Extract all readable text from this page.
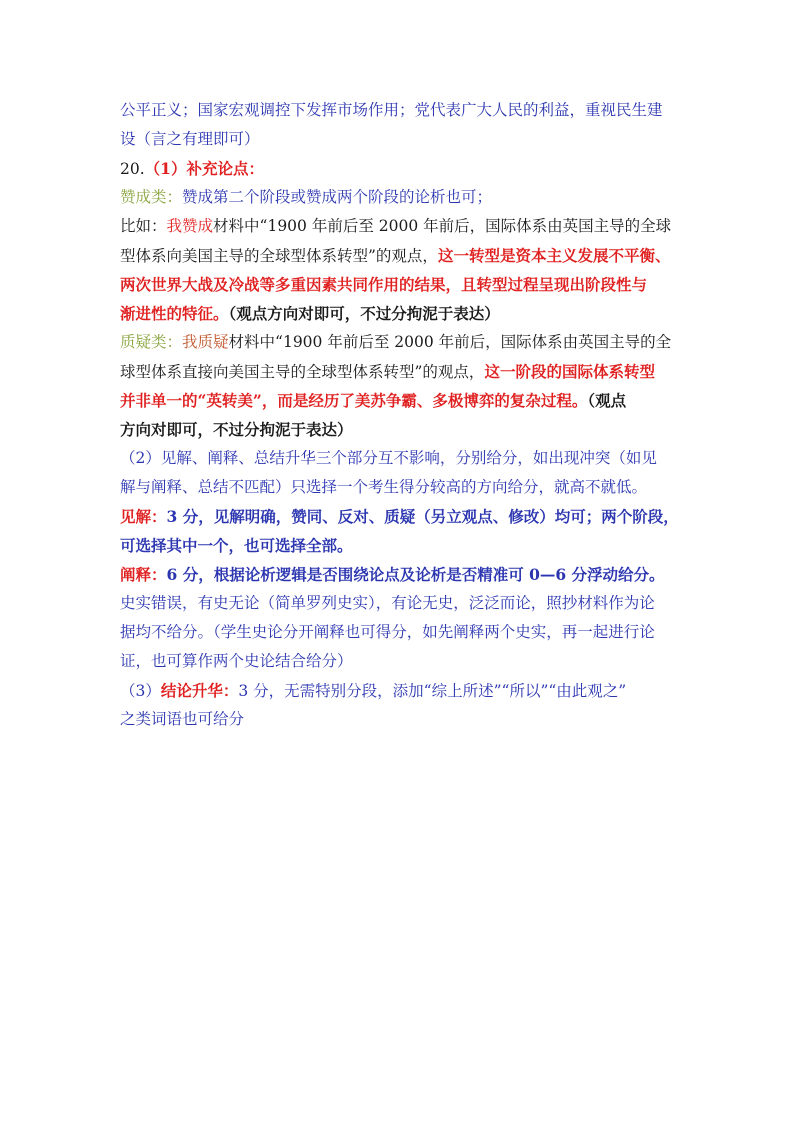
公平正义；国家宏观调控下发挥市场作用；党代表广大人民的利益，重视民生建
设（言之有理即可）
20.（1）补充论点：
赞成类：赞成第二个阶段或赞成两个阶段的论析也可；
比如：我赞成材料中“1900 年前后至 2000 年前后，国际体系由英国主导的全球
型体系向美国主导的全球型体系转型”的观点，这一转型是资本主义发展不平衡、
两次世界大战及冷战等多重因素共同作用的结果，且转型过程呈现出阶段性与
渐进性的特征。（观点方向对即可，不过分拘泥于表达）
质疑类：我质疑材料中“1900 年前后至 2000 年前后，国际体系由英国主导的全
球型体系直接向美国主导的全球型体系转型”的观点，这一阶段的国际体系转型
并非单一的“英转美”，而是经历了美苏争霸、多极博弈的复杂过程。（观点
方向对即可，不过分拘泥于表达）
（2）见解、阐释、总结升华三个部分互不影响，分别给分，如出现冲突（如见
解与阐释、总结不匹配）只选择一个考生得分较高的方向给分，就高不就低。
见解：3 分，见解明确，赞同、反对、质疑（另立观点、修改）均可；两个阶段，
可选择其中一个，也可选择全部。
阐释：6 分，根据论析逻辑是否围绕论点及论析是否精准可 0—6 分浮动给分。
史实错误，有史无论（简单罗列史实），有论无史，泛泛而论，照抄材料作为论
据均不给分。（学生史论分开阐释也可得分，如先阐释两个史实，再一起进行论
证，也可算作两个史论结合给分）
（3）结论升华：3 分，无需特别分段，添加“综上所述”“所以”“由此观之”
之类词语也可给分
